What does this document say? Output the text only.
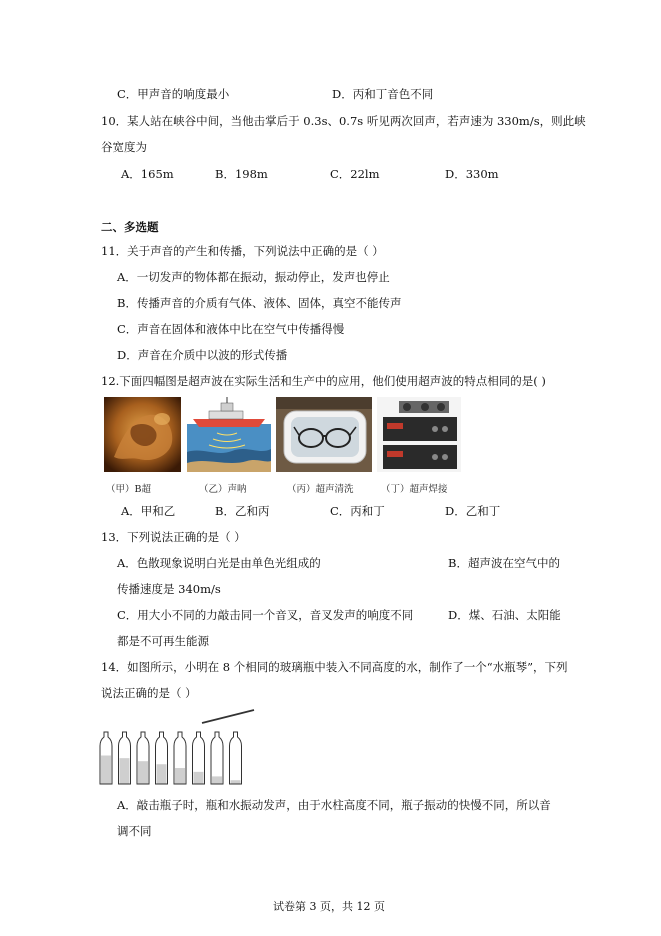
C．甲声音的响度最小	D．丙和丁音色不同
10．某人站在峡谷中间，当他击掌后于 0.3s、0.7s 听见两次回声，若声速为 330m/s，则此峡
谷宽度为
A．165m	B．198m	C．22lm	D．330m
二、多选题
11．关于声音的产生和传播，下列说法中正确的是（ ）
A．一切发声的物体都在振动，振动停止，发声也停止
B．传播声音的介质有气体、液体、固体，真空不能传声
C．声音在固体和液体中比在空气中传播得慢
D．声音在介质中以波的形式传播
12.下面四幅图是超声波在实际生活和生产中的应用，他们使用超声波的特点相同的是( )
（甲）B超	（乙）声呐	（丙）超声清洗	（丁）超声焊接
A．甲和乙	B．乙和丙	C．丙和丁	D．乙和丁
13．下列说法正确的是（ ）
A．色散现象说明白光是由单色光组成的	B．超声波在空气中的
传播速度是 340m/s
C．用大小不同的力敲击同一个音叉，音叉发声的响度不同	D．煤、石油、太阳能
都是不可再生能源
14．如图所示，小明在 8 个相同的玻璃瓶中装入不同高度的水，制作了一个“水瓶琴”，下列
说法正确的是（ ）
A．敲击瓶子时，瓶和水振动发声，由于水柱高度不同，瓶子振动的快慢不同，所以音
调不同
试卷第 3 页，共 12 页
